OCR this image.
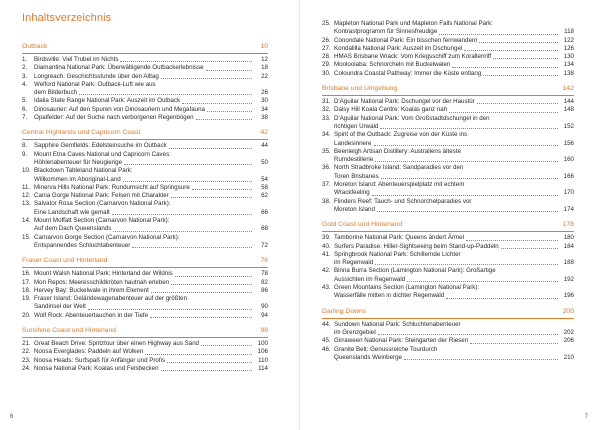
Inhaltsverzeichnis
Outback	10
1.	Birdsville: Viel Trubel im Nichts	12
2.	Diamantina National Park: Überwältigende Outbackerlebnisse	18
3.	Longreach: Geschichtsstunde über den Alltag	22
4.	Welford National Park: Outback-Luft wie aus
dem Bilderbuch	26
5.	Idalia State Range National Park: Auszeit im Outback	30
6.	Dinosaurier: Auf den Spuren von Dinosauriern und Megafauna	34
7.	Opalfelder: Auf der Suche nach verborgenen Regenbögen	38
Central Highlands und Capricorn Coast	42
8.	Sapphire Gemfields: Edelsteinsuche im Outback	44
9.	Mount Etna Caves National und Capricorn Caves:
Höhlenabenteuer für Neugierige	50
10. Blackdown Tableland National Park:
Willkommen im Aboriginal-Land	54
11. Minerva Hills National Park: Rundumsicht auf Springsure	58
12. Cania Gorge National Park: Felsen mit Charakter	62
13. Salvator Rosa Section (Carnarvon National Park):
Eine Landschaft wie gemalt	66
14. Mount Moffatt Section (Carnarvon National Park):
Auf dem Dach Queenslands	68
15. Carnarvon Gorge Section (Carnarvon National Park):
Entspannendes Schluchtabenteuer	72
Fraser Coast und Hinterland	76
16. Mount Walsh National Park: Hinterland der Wildnis	78
17. Mon Repos: Meeresschildkröten hautnah erleben	82
18. Hervey Bay: Buckelwale in ihrem Element	86
19. Fraser Island: Geländewagenabenteuer auf der größten
Sandinsel der Welt	90
20. Wolf Rock: Abenteuertauchen in der Tiefe	94
Sunshine Coast und Hinterland	98
21. Great Beach Drive: Spritztour über einen Highway aus Sand	100
22. Noosa Everglades: Paddeln auf Wolken	106
23. Noosa Heads: Surfspaß für Anfänger und Profis	110
24. Noosa National Park: Koalas und Felsbecken	114
6
25. Mapleton National Park und Mapleton Falls National Park:
Kontrastprogramm für Sinnesfreudige	118
26. Conondale National Park: Ein bisschen fernwandern	122
27. Kondalilla National Park: Auszeit im Dschungel	126
28. HMAS Brisbane Wrack: Vom Kriegsschiff zum Korallenriff	130
29. Mooloolaba: Schnorcheln mit Buckelwalen	134
30. Coloundra Coastal Pathway: Immer die Küste entlang	138
Brisbane und Umgebung	142
31. D'Aguilar National Park: Dschungel vor der Haustür	144
32. Daisy Hill Koala Centre: Koalas ganz nah	148
33. D'Aguilar National Park: Vom Großstadtdschungel in den
richtigen Urwald	152
34. Spirit of the Outback: Zugreise von der Küste ins
Landesinnere	156
35. Beenleigh Artisan Distillery: Australiens älteste
Rumdestillerie	160
36. North Stradbroke Island: Sandparadies vor den
Toren Brisbanes	166
37. Moreton Island: Abenteuerspielplatz mit echtem
Wrackfeeling	170
38. Flinders Reef: Tauch- und Schnorchelparadies vor
Moreton Island	174
Gold Coast und Hinterland	178
39. Tamborine National Park: Queens ändert Ärmel	180
40. Surfers Paradise: Hiller-Sightseeing beim Stand-up-Paddeln	184
41. Springbrook National Park: Schillernde Lichter
im Regenwald	188
42. Binna Burra Section (Lamington National Park): Großartige
Aussichten im Regenwald	192
43. Green Mountains Section (Lamington National Park):
Wasserfälle mitten in dichter Regenwald	196
Darling Downs	200
44. Sundown National Park: Schluchtenabenteuer
im Grenzgebiet	202
45. Girraween National Park: Steingarten der Riesen	206
46. Granite Belt: Genussreiche Tourdurch
Queenslands Weinberge	210
7
